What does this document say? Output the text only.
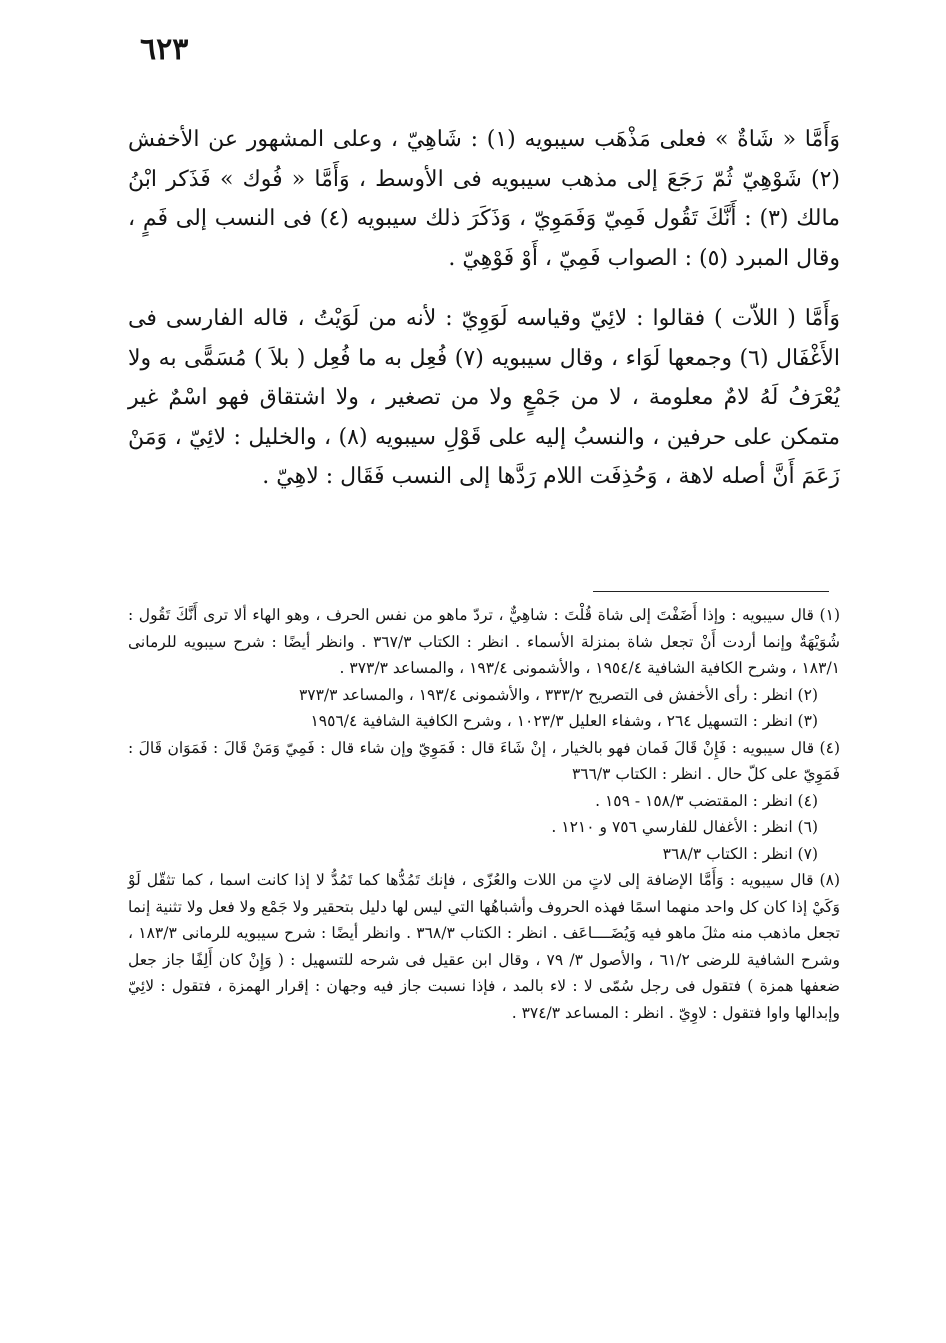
٦٢٣

وَأَمَّا « شَاةٌ » فعلى مَذْهَب سيبويه (١) : شَاهِيّ ، وعلى المشهور عن الأخفش (٢) شَوْهِيّ ثُمّ رَجَعَ إلى مذهب سيبويه فى الأوسط ، وَأَمَّا « فُوك » فَذَكر ابْنُ مالك (٣) : أَنَّكَ تَقُول فَمِيّ وَفَمَوِيّ ، وَذَكَرَ ذلك سيبويه (٤) فى النسب إلى فَمٍ ، وقال المبرد (٥) : الصواب فَمِيّ ، أَوْ فَوْهِيّ .

وَأَمَّا ( اللاّت ) فقالوا : لائِيّ وقياسه لَوَوِيّ : لأنه من لَوَيْتُ ، قاله الفارسى فى الأَغْفَال (٦) وجمعها لَوَاء ، وقال سيبويه (٧) فُعِل به ما فُعِل ( بلاَ ) مُسَمًّى به ولا يُعْرَفُ لَهُ لامٌ معلومة ، لا من جَمْعٍ ولا من تصغير ، ولا اشتقاق فهو اسْمٌ غير متمكن على حرفين ، والنسبُ إليه على قَوْلِ سيبويه (٨) ، والخليل : لائِيّ ، وَمَنْ زَعَمَ أَنَّ أصله لاهة ، وَحُذِفَت اللام رَدَّها إلى النسب فَقَال : لاهِيّ .

(١) قال سيبويه : وإذا أَضَفْتَ إلى شاة قُلْتَ : شاهِيٌّ ، تردّ ماهو من نفس الحرف ، وهو الهاء ألا ترى أَنَّكَ تَقُول : شُوَيْهَةٌ وإنما أردت أَنْ تجعل شاة بمنزلة الأسماء . انظر : الكتاب ٣٦٧/٣ . وانظر أيضًا : شرح سيبويه للرمانى ١٨٣/١ ، وشرح الكافية الشافية ١٩٥٤/٤ ، والأشمونى ١٩٣/٤ ، والمساعد ٣٧٣/٣ .

(٢) انظر : رأى الأخفش فى التصريح ٣٣٣/٢ ، والأشمونى ١٩٣/٤ ، والمساعد ٣٧٣/٣

(٣) انظر : التسهيل ٢٦٤ ، وشفاء العليل ١٠٢٣/٣ ، وشرح الكافية الشافية ١٩٥٦/٤

(٤) قال سيبويه : فَإِنْ قَالَ فَمان فهو بالخيار ، إنْ شَاءَ قال : فَمَوِيّ وإن شاء قال : فَمِيّ وَمَنْ قَالَ : فَمَوَان قَالَ : فَمَوِيّ على كلّ حال . انظر : الكتاب ٣٦٦/٣

(٤) انظر : المقتضب ١٥٨/٣ - ١٥٩ .

(٦) انظر : الأغفال للفارسي ٧٥٦ و ١٢١٠ .

(٧) انظر : الكتاب ٣٦٨/٣

(٨) قال سيبويه : وَأَمَّا الإضافة إلى لاتٍ من اللات والعُزّى ، فإنك تَمُدُّها كما تَمُدُّ لا إذا كانت اسما ، كما تثقّل لَوْ وَكَيْ إذا كان كل واحد منهما اسمًا فهذه الحروف وأشباهُها التي ليس لها دليل بتحقير ولا جَمْع ولا فعل ولا تثنية إنما تجعل ماذهب منه مثلَ ماهو فيه وَيُضَــــاعَف . انظر : الكتاب ٣٦٨/٣ . وانظر أيضًا : شرح سيبويه للرمانى ١٨٣/٣ ، وشرح الشافية للرضى ٦١/٢ ، والأصول ٣/ ٧٩ ، وقال ابن عقيل فى شرحه للتسهيل : ( وَإِنْ كان أَلِفًا جاز جعل ضعفها همزة ) فتقول فى رجل سُمّى لا : لاء بالمد ، فإذا نسبت جاز فيه وجهان : إقرار الهمزة ، فتقول : لائِيّ وإبدالها واوا فتقول : لاوِيّ . انظر : المساعد ٣٧٤/٣ .
